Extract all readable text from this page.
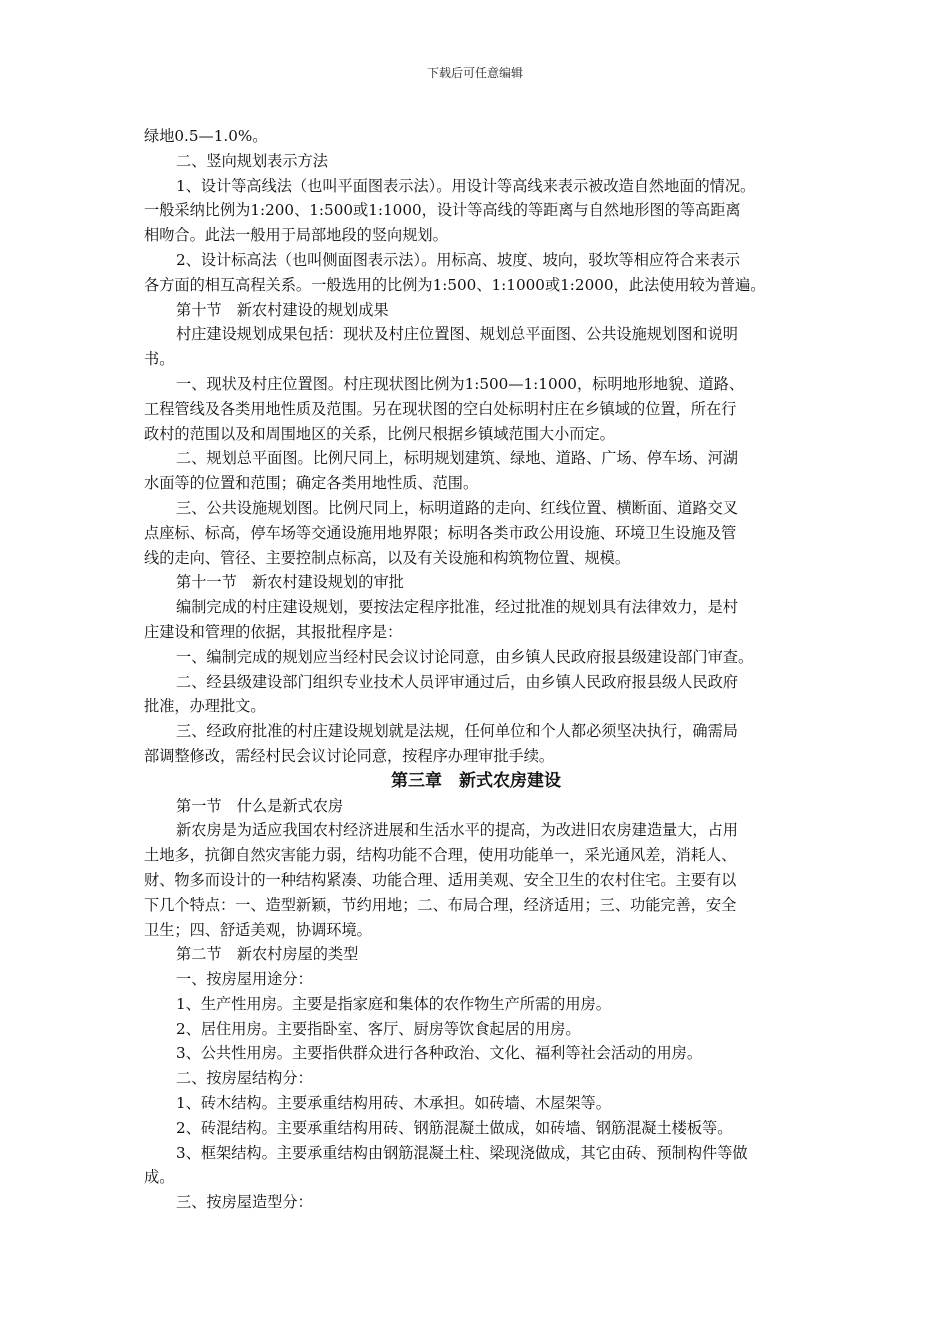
下载后可任意编辑
绿地0.5—1.0%。
二、竖向规划表示方法
1、设计等高线法（也叫平面图表示法）。用设计等高线来表示被改造自然地面的情况。
一般采纳比例为1:200、1:500或1:1000，设计等高线的等距离与自然地形图的等高距离
相吻合。此法一般用于局部地段的竖向规划。
2、设计标高法（也叫侧面图表示法）。用标高、坡度、坡向，驳坎等相应符合来表示
各方面的相互高程关系。一般选用的比例为1:500、1:1000或1:2000，此法使用较为普遍。
第十节　新农村建设的规划成果
村庄建设规划成果包括：现状及村庄位置图、规划总平面图、公共设施规划图和说明
书。
一、现状及村庄位置图。村庄现状图比例为1:500—1:1000，标明地形地貌、道路、
工程管线及各类用地性质及范围。另在现状图的空白处标明村庄在乡镇域的位置，所在行
政村的范围以及和周围地区的关系，比例尺根据乡镇域范围大小而定。
二、规划总平面图。比例尺同上，标明规划建筑、绿地、道路、广场、停车场、河湖
水面等的位置和范围；确定各类用地性质、范围。
三、公共设施规划图。比例尺同上，标明道路的走向、红线位置、横断面、道路交叉
点座标、标高，停车场等交通设施用地界限；标明各类市政公用设施、环境卫生设施及管
线的走向、管径、主要控制点标高，以及有关设施和构筑物位置、规模。
第十一节　新农村建设规划的审批
编制完成的村庄建设规划，要按法定程序批准，经过批准的规划具有法律效力，是村
庄建设和管理的依据，其报批程序是：
一、编制完成的规划应当经村民会议讨论同意，由乡镇人民政府报县级建设部门审查。
二、经县级建设部门组织专业技术人员评审通过后，由乡镇人民政府报县级人民政府
批准，办理批文。
三、经政府批准的村庄建设规划就是法规，任何单位和个人都必须坚决执行，确需局
部调整修改，需经村民会议讨论同意，按程序办理审批手续。
第三章　新式农房建设
第一节　什么是新式农房
新农房是为适应我国农村经济进展和生活水平的提高，为改进旧农房建造量大，占用
土地多，抗御自然灾害能力弱，结构功能不合理，使用功能单一，采光通风差，消耗人、
财、物多而设计的一种结构紧凑、功能合理、适用美观、安全卫生的农村住宅。主要有以
下几个特点：一、造型新颖，节约用地；二、布局合理，经济适用；三、功能完善，安全
卫生；四、舒适美观，协调环境。
第二节　新农村房屋的类型
一、按房屋用途分：
1、生产性用房。主要是指家庭和集体的农作物生产所需的用房。
2、居住用房。主要指卧室、客厅、厨房等饮食起居的用房。
3、公共性用房。主要指供群众进行各种政治、文化、福利等社会活动的用房。
二、按房屋结构分：
1、砖木结构。主要承重结构用砖、木承担。如砖墙、木屋架等。
2、砖混结构。主要承重结构用砖、钢筋混凝土做成，如砖墙、钢筋混凝土楼板等。
3、框架结构。主要承重结构由钢筋混凝土柱、梁现浇做成，其它由砖、预制构件等做
成。
三、按房屋造型分：
